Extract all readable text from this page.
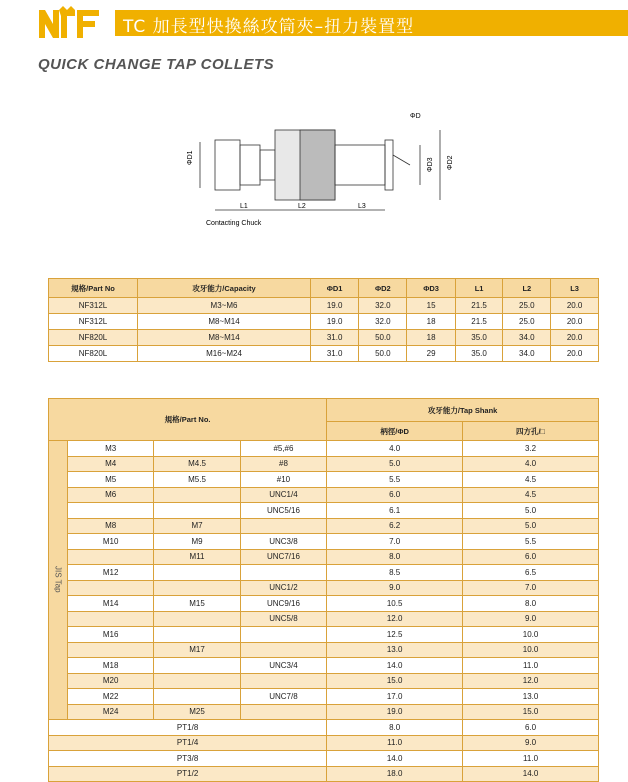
TC 加長型快換絲攻筒夾–扭力裝置型
QUICK CHANGE TAP COLLETS
ΦD1	ΦD2
ΦD3
ΦD
L1	L2	L3
Contacting Chuck
規格/Part No	攻牙能力/Capacity	ΦD1	ΦD2	ΦD3	L1	L2	L3
NF312L	M3~M6	19.0	32.0	15	21.5	25.0	20.0
NF312L	M8~M14	19.0	32.0	18	21.5	25.0	20.0
NF820L	M8~M14	31.0	50.0	18	35.0	34.0	20.0
NF820L	M16~M24	31.0	50.0	29	35.0	34.0	20.0
規格/Part No.				攻牙能力/Tap Shank	
				柄徑/ΦD	四方孔/□
JIS Tap	M3		#5,#6	4.0	3.2
	M4	M4.5	#8	5.0	4.0
	M5	M5.5	#10	5.5	4.5
	M6		UNC1/4	6.0	4.5
			UNC5/16	6.1	5.0
	M8	M7		6.2	5.0
	M10	M9	UNC3/8	7.0	5.5
		M11	UNC7/16	8.0	6.0
	M12			8.5	6.5
			UNC1/2	9.0	7.0
	M14	M15	UNC9/16	10.5	8.0
			UNC5/8	12.0	9.0
	M16			12.5	10.0
		M17		13.0	10.0
	M18		UNC3/4	14.0	11.0
	M20			15.0	12.0
	M22		UNC7/8	17.0	13.0
	M24	M25		19.0	15.0
PT1/8				8.0	6.0
PT1/4				11.0	9.0
PT3/8				14.0	11.0
PT1/2				18.0	14.0
